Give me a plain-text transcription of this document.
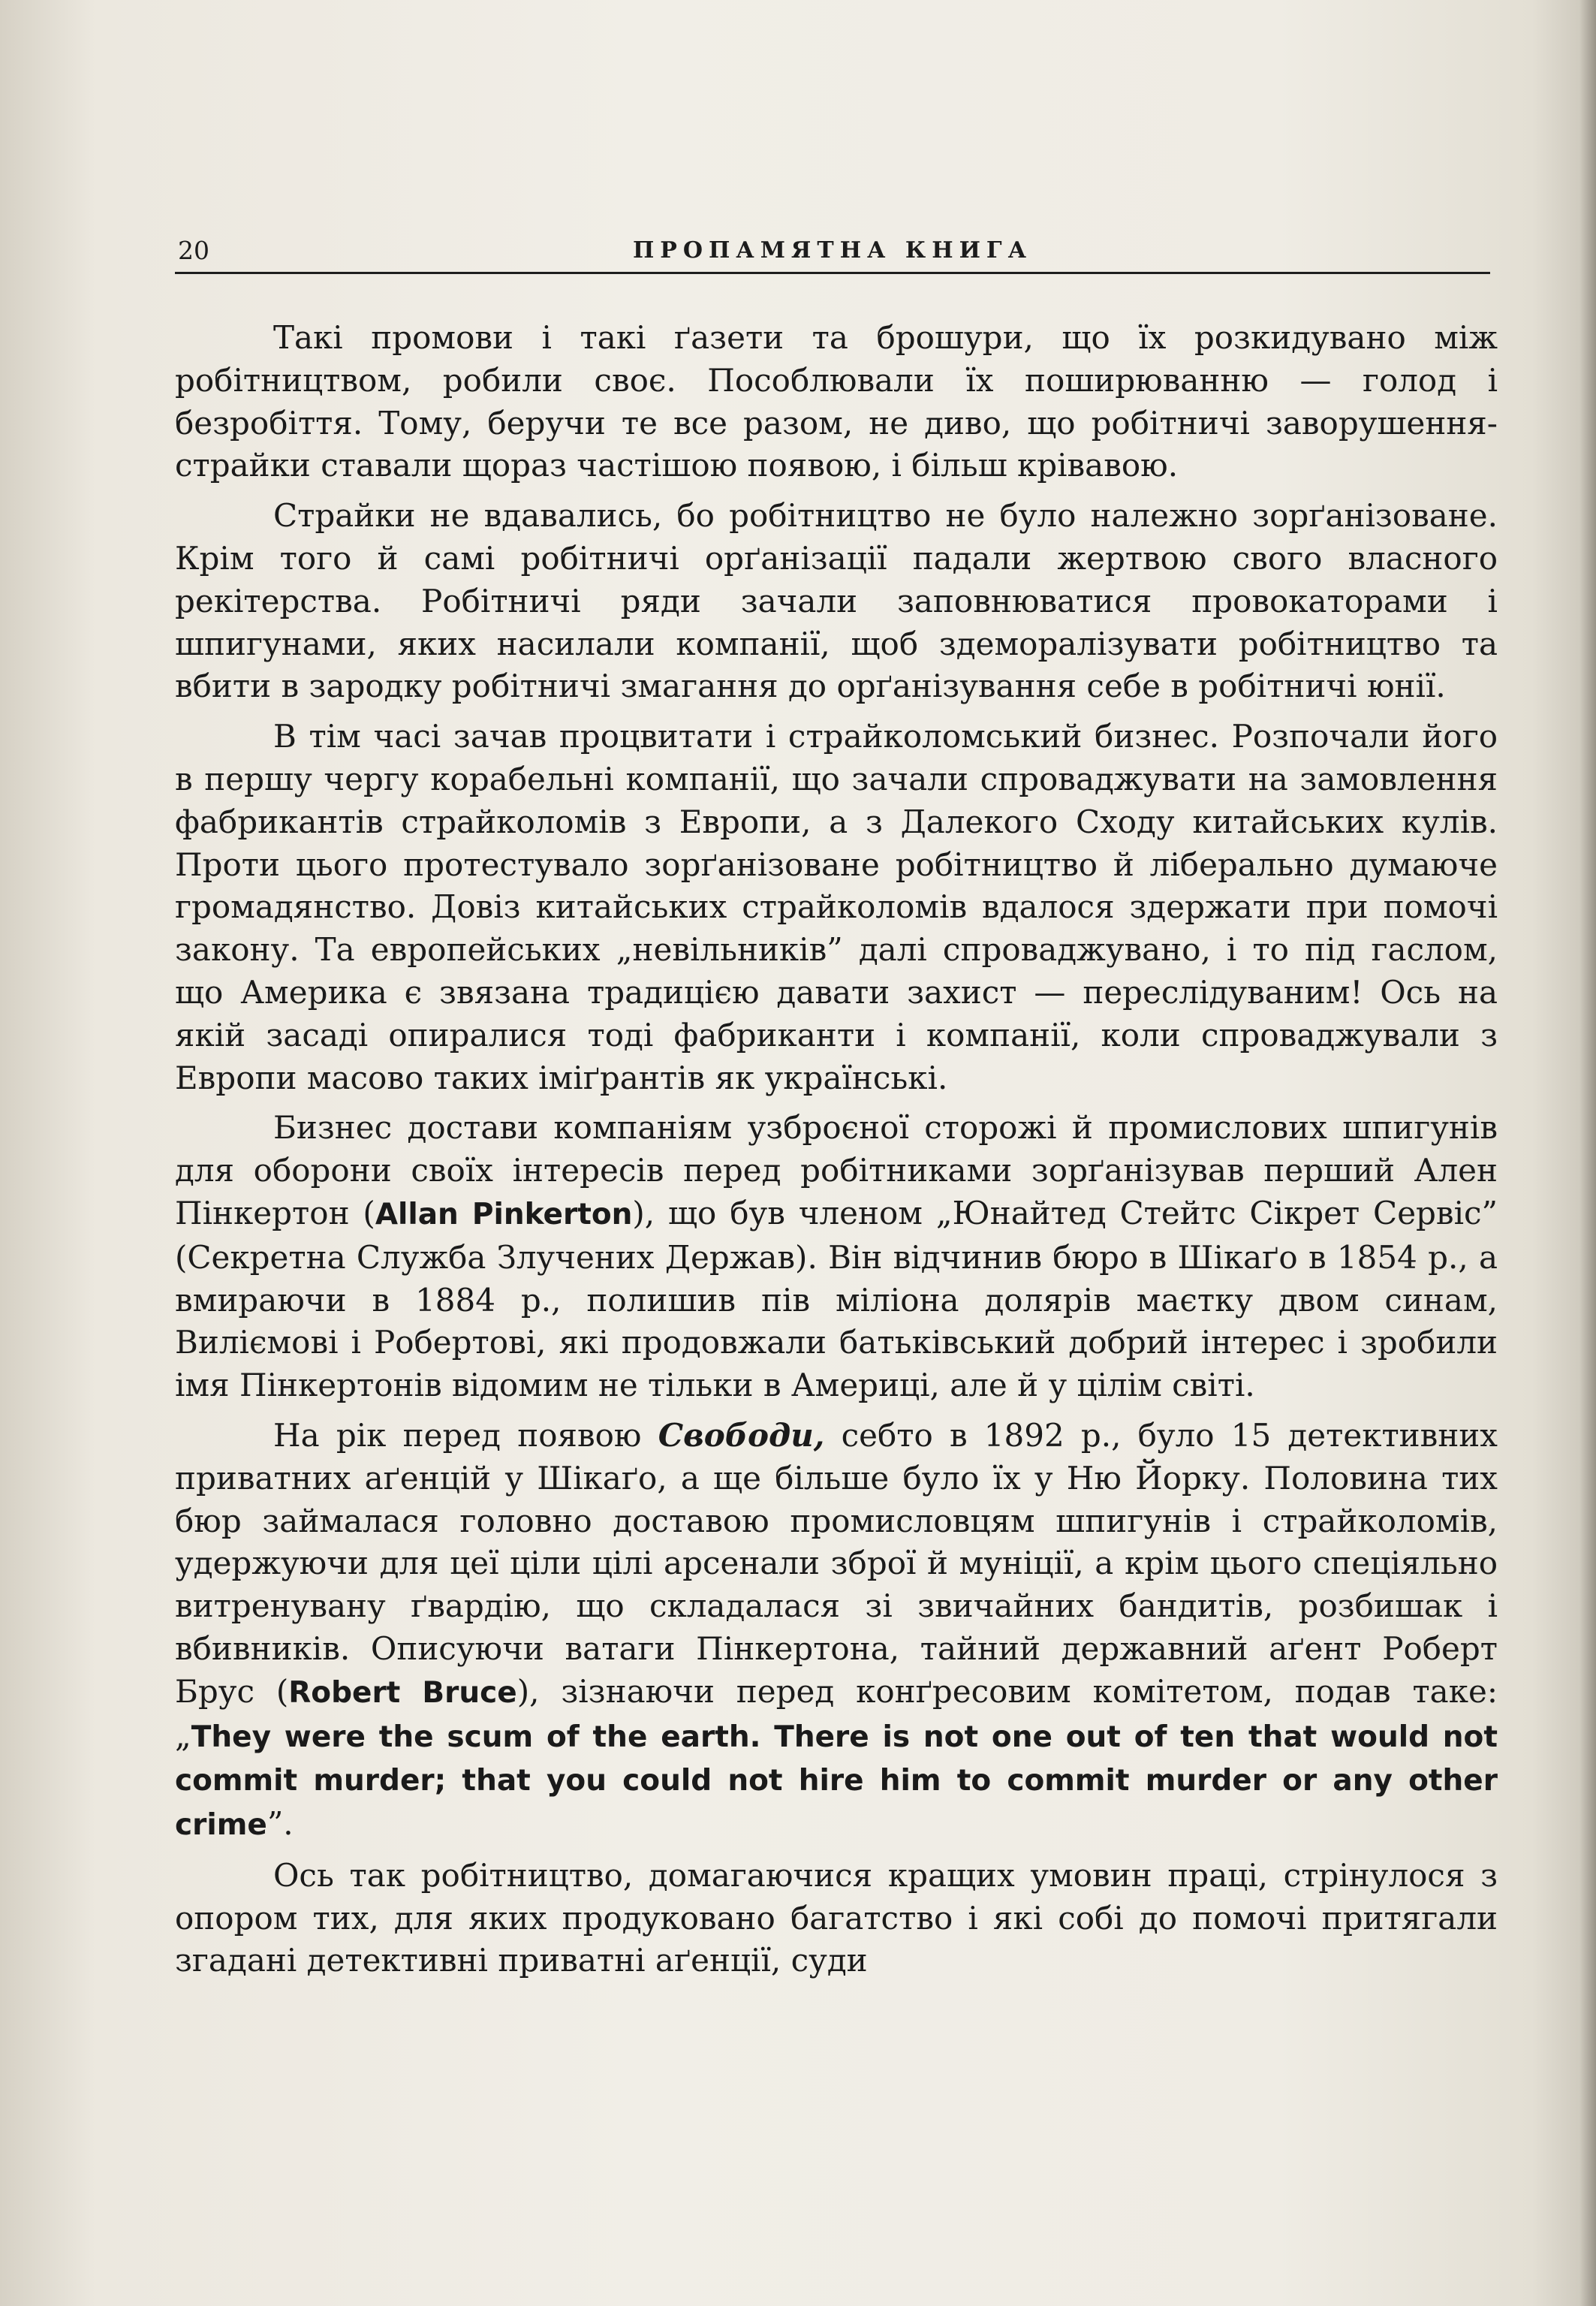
20	ПРОПАМЯТНА КНИГА

Такі промови і такі ґазети та брошури, що їх розкидувано між робітництвом, робили своє. Пособлювали їх поширюванню — голод і безробіття. Тому, беручи те все разом, не диво, що робітничі заворушення-страйки ставали щораз частішою появою, і більш крівавою.

Страйки не вдавались, бо робітництво не було належно зорґанізоване. Крім того й самі робітничі орґанізації падали жертвою свого власного рекітерства. Робітничі ряди зачали заповнюватися провокаторами і шпигунами, яких насилали компанії, щоб здеморалізувати робітництво та вбити в зародку робітничі змагання до орґанізування себе в робітничі юнії.

В тім часі зачав процвитати і страйколомський бизнес. Розпочали його в першу чергу корабельні компанії, що зачали спроваджувати на замовлення фабрикантів страйколомів з Европи, а з Далекого Сходу китайських кулів. Проти цього протестувало зорґанізоване робітництво й ліберально думаюче громадянство. Довіз китайських страйколомів вдалося здержати при помочі закону. Та европейських „невільників” далі спроваджувано, і то під гаслом, що Америка є звязана традицією давати захист — переслідуваним! Ось на якій засаді опиралися тоді фабриканти і компанії, коли спроваджували з Европи масово таких іміґрантів як українські.

Бизнес достави компаніям узброєної сторожі й промислових шпигунів для оборони своїх інтересів перед робітниками зорґанізував перший Ален Пінкертон (Allan Pinkerton), що був членом „Юнайтед Стейтс Сікрет Сервіс” (Секретна Служба Злучених Держав). Він відчинив бюро в Шікаґо в 1854 р., а вмираючи в 1884 р., полишив пів міліона долярів маєтку двом синам, Виліємові і Робертові, які продовжали батьківський добрий інтерес і зробили імя Пінкертонів відомим не тільки в Америці, але й у цілім світі.

На рік перед появою Свободи, себто в 1892 р., було 15 детективних приватних аґенцій у Шікаґо, а ще більше було їх у Ню Йорку. Половина тих бюр займалася головно доставою промисловцям шпигунів і страйколомів, удержуючи для цеї ціли цілі арсенали зброї й муніції, а крім цього спеціяльно витренувану ґвардію, що складалася зі звичайних бандитів, розбишак і вбивників. Описуючи ватаги Пінкертона, тайний державний аґент Роберт Брус (Robert Bruce), зізнаючи перед конґресовим комітетом, подав таке: „They were the scum of the earth. There is not one out of ten that would not commit murder; that you could not hire him to commit murder or any other crime”.

Ось так робітництво, домагаючися кращих умовин праці, стрінулося з опором тих, для яких продуковано багатство і які собі до помочі притягали згадані детективні приватні аґенції, суди
